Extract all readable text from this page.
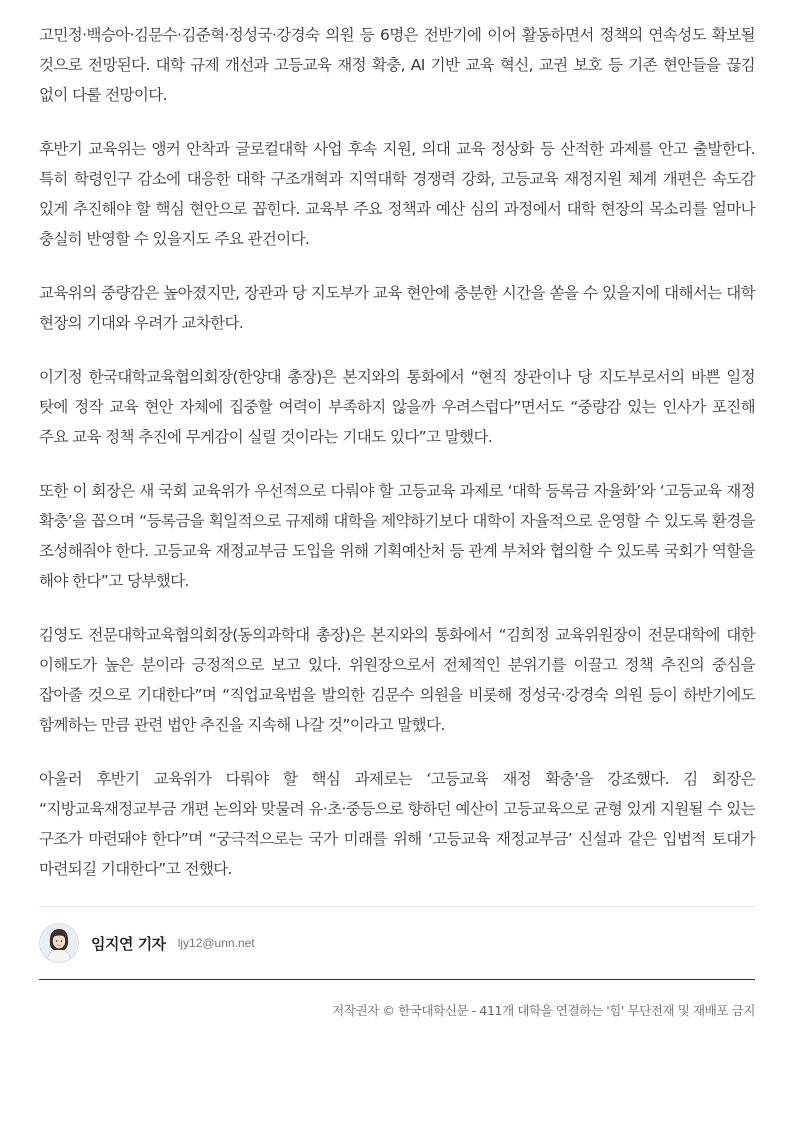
고민정·백승아·김문수·김준혁·정성국·강경숙 의원 등 6명은 전반기에 이어 활동하면서 정책의 연속성도 확보될 것으로 전망된다. 대학 규제 개선과 고등교육 재정 확충, AI 기반 교육 혁신, 교권 보호 등 기존 현안들을 끊김 없이 다룰 전망이다.

후반기 교육위는 앵커 안착과 글로컬대학 사업 후속 지원, 의대 교육 정상화 등 산적한 과제를 안고 출발한다. 특히 학령인구 감소에 대응한 대학 구조개혁과 지역대학 경쟁력 강화, 고등교육 재정지원 체계 개편은 속도감 있게 추진해야 할 핵심 현안으로 꼽힌다. 교육부 주요 정책과 예산 심의 과정에서 대학 현장의 목소리를 얼마나 충실히 반영할 수 있을지도 주요 관건이다.

교육위의 중량감은 높아졌지만, 장관과 당 지도부가 교육 현안에 충분한 시간을 쏟을 수 있을지에 대해서는 대학 현장의 기대와 우려가 교차한다.

이기정 한국대학교육협의회장(한양대 총장)은 본지와의 통화에서 “현직 장관이나 당 지도부로서의 바쁜 일정 탓에 정작 교육 현안 자체에 집중할 여력이 부족하지 않을까 우려스럽다”면서도 “중량감 있는 인사가 포진해 주요 교육 정책 추진에 무게감이 실릴 것이라는 기대도 있다”고 말했다.

또한 이 회장은 새 국회 교육위가 우선적으로 다뤄야 할 고등교육 과제로 ‘대학 등록금 자율화’와 ‘고등교육 재정 확충’을 꼽으며 “등록금을 획일적으로 규제해 대학을 제약하기보다 대학이 자율적으로 운영할 수 있도록 환경을 조성해줘야 한다. 고등교육 재정교부금 도입을 위해 기획예산처 등 관계 부처와 협의할 수 있도록 국회가 역할을 해야 한다”고 당부했다.

김영도 전문대학교육협의회장(동의과학대 총장)은 본지와의 통화에서 “김희정 교육위원장이 전문대학에 대한 이해도가 높은 분이라 긍정적으로 보고 있다. 위원장으로서 전체적인 분위기를 이끌고 정책 추진의 중심을 잡아줄 것으로 기대한다”며 “직업교육법을 발의한 김문수 의원을 비롯해 정성국·강경숙 의원 등이 하반기에도 함께하는 만큼 관련 법안 추진을 지속해 나갈 것”이라고 말했다.

아울러 후반기 교육위가 다뤄야 할 핵심 과제로는 ‘고등교육 재정 확충’을 강조했다. 김 회장은 “지방교육재정교부금 개편 논의와 맞물려 유·초·중등으로 향하던 예산이 고등교육으로 균형 있게 지원될 수 있는 구조가 마련돼야 한다”며 “궁극적으로는 국가 미래를 위해 ‘고등교육 재정교부금’ 신설과 같은 입법적 토대가 마련되길 기대한다”고 전했다.

임지연 기자 ljy12@unn.net
저작권자 © 한국대학신문 - 411개 대학을 연결하는 '힘' 무단전재 및 재배포 금지
